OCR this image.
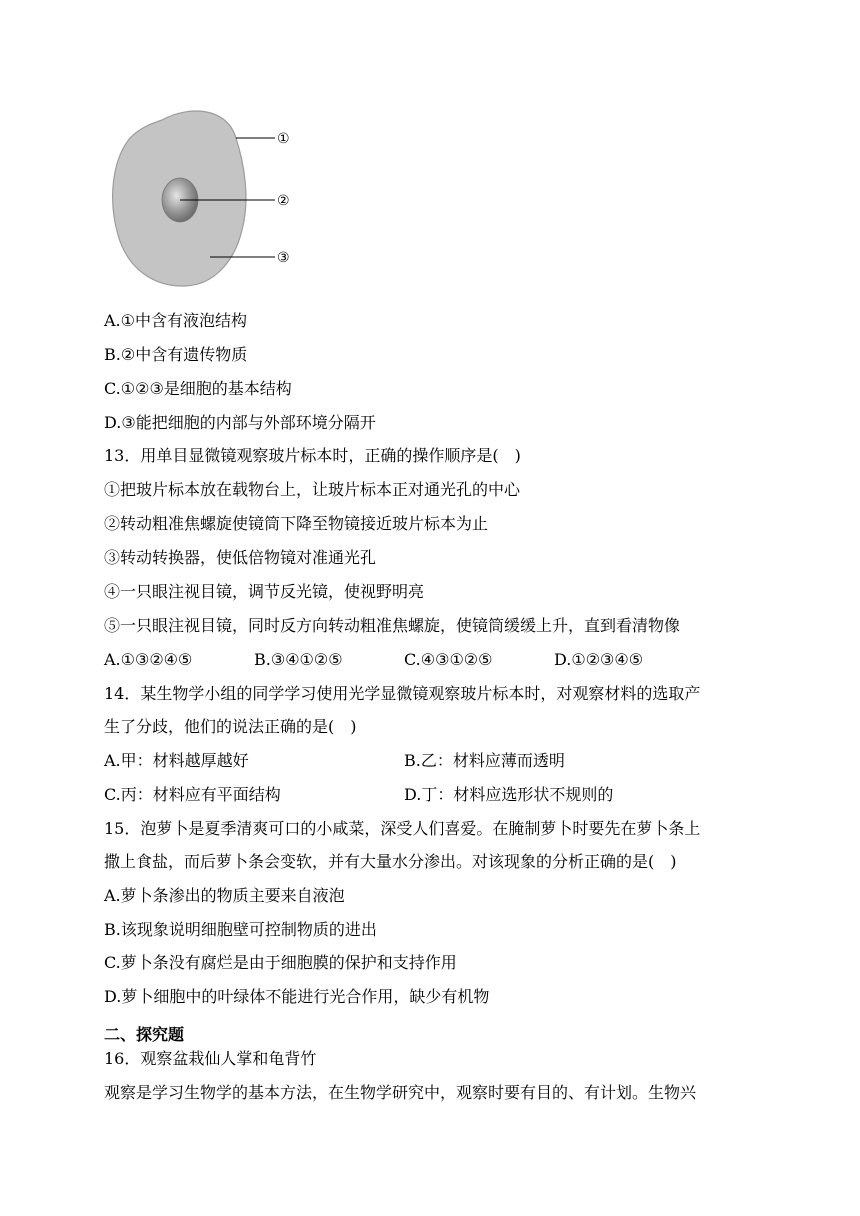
①
②
③
A.①中含有液泡结构
B.②中含有遗传物质
C.①②③是细胞的基本结构
D.③能把细胞的内部与外部环境分隔开
13．用单目显微镜观察玻片标本时，正确的操作顺序是(　)
①把玻片标本放在载物台上，让玻片标本正对通光孔的中心
②转动粗准焦螺旋使镜筒下降至物镜接近玻片标本为止
③转动转换器，使低倍物镜对准通光孔
④一只眼注视目镜，调节反光镜，使视野明亮
⑤一只眼注视目镜，同时反方向转动粗准焦螺旋，使镜筒缓缓上升，直到看清物像
A.①③②④⑤	B.③④①②⑤	C.④③①②⑤	D.①②③④⑤
14．某生物学小组的同学学习使用光学显微镜观察玻片标本时，对观察材料的选取产
生了分歧，他们的说法正确的是(　)
A.甲：材料越厚越好	B.乙：材料应薄而透明
C.丙：材料应有平面结构	D.丁：材料应选形状不规则的
15．泡萝卜是夏季清爽可口的小咸菜，深受人们喜爱。在腌制萝卜时要先在萝卜条上
撒上食盐，而后萝卜条会变软，并有大量水分渗出。对该现象的分析正确的是(　)
A.萝卜条渗出的物质主要来自液泡
B.该现象说明细胞壁可控制物质的进出
C.萝卜条没有腐烂是由于细胞膜的保护和支持作用
D.萝卜细胞中的叶绿体不能进行光合作用，缺少有机物
二、探究题
16．观察盆栽仙人掌和龟背竹
观察是学习生物学的基本方法，在生物学研究中，观察时要有目的、有计划。生物兴
